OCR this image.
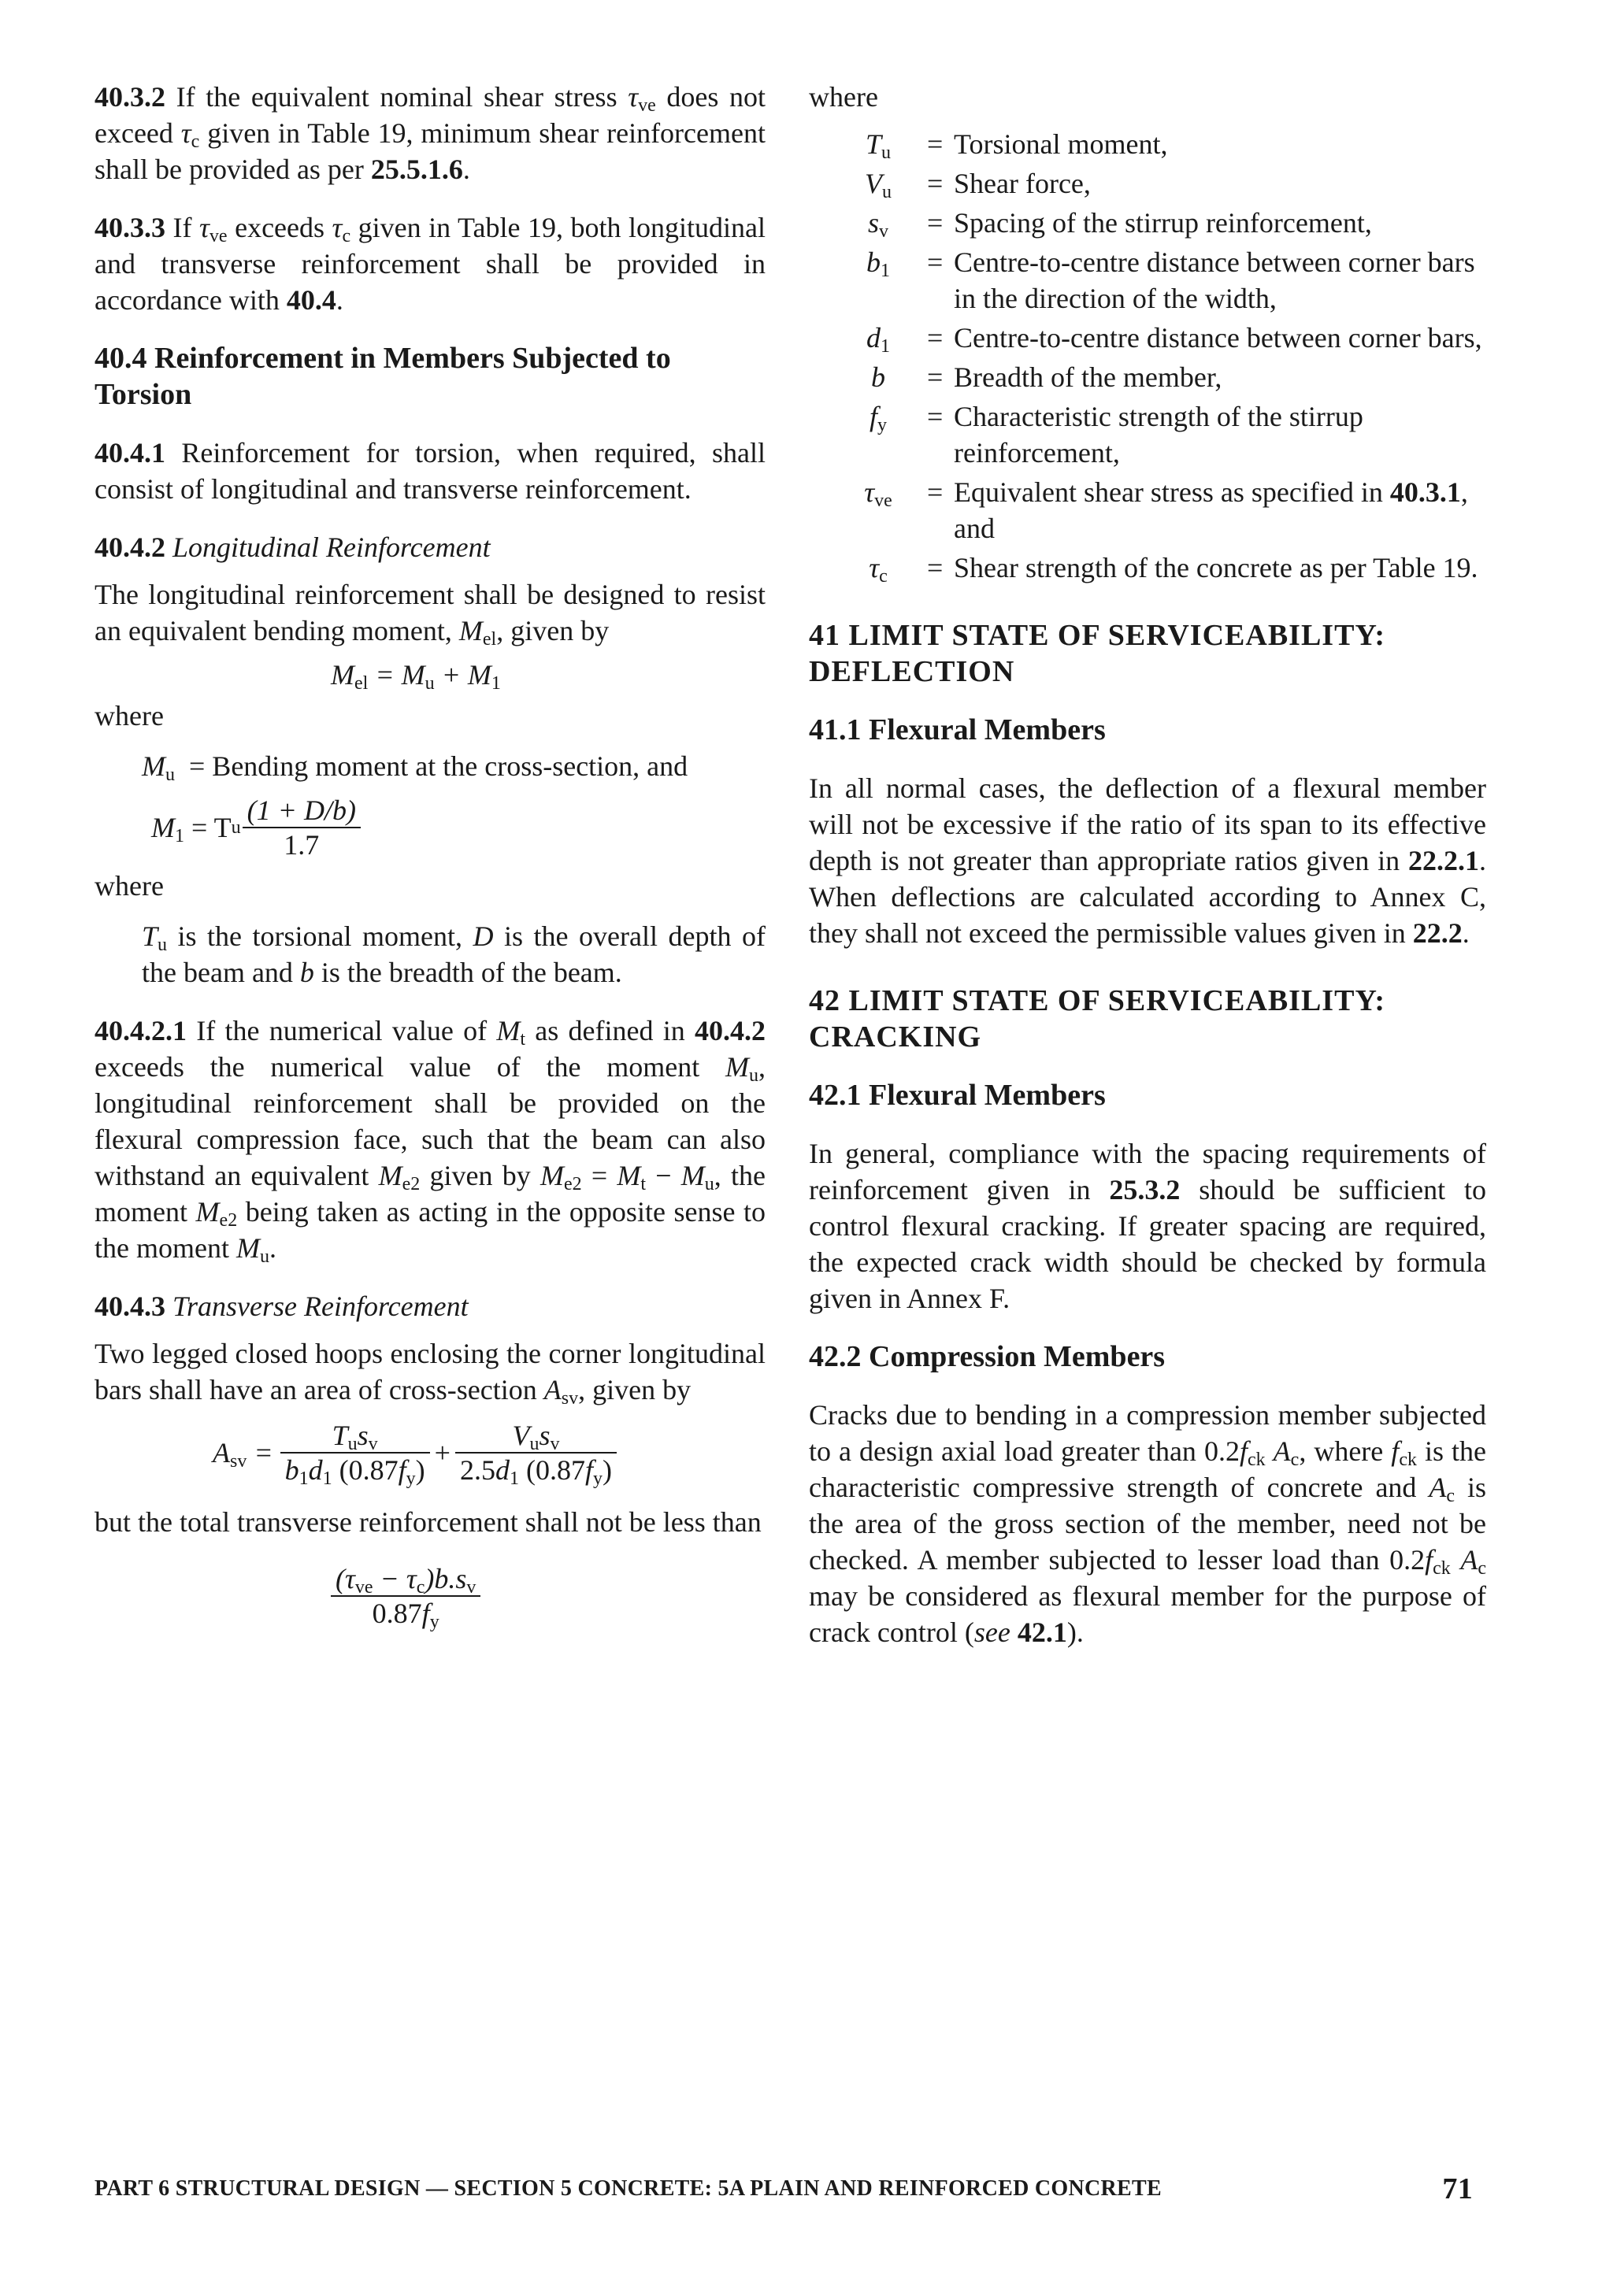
40.3.2 If the equivalent nominal shear stress $\tau_{ve}$ does not exceed $\tau_c$ given in Table 19, minimum shear reinforcement shall be provided as per 25.5.1.6.

40.3.3 If $\tau_{ve}$ exceeds $\tau_c$ given in Table 19, both longitudinal and transverse reinforcement shall be provided in accordance with 40.4.

40.4 Reinforcement in Members Subjected to Torsion

40.4.1 Reinforcement for torsion, when required, shall consist of longitudinal and transverse reinforcement.

40.4.2 Longitudinal Reinforcement

The longitudinal reinforcement shall be designed to resist an equivalent bending moment, $M_{el}$, given by

$M_{el} = M_u + M_1$

where

$M_u$ = Bending moment at the cross-section, and

$M_1 = T$ u $\frac{(1 + D/b)}{1.7}$

where

$T_u$ is the torsional moment, D is the overall depth of the beam and b is the breadth of the beam.

40.4.2.1 If the numerical value of $M_t$ as defined in 40.4.2 exceeds the numerical value of the moment $M_u$, longitudinal reinforcement shall be provided on the flexural compression face, such that the beam can also withstand an equivalent $M_{e2}$ given by $M_{e2} = M_t - M_u$, the moment $M_{e2}$ being taken as acting in the opposite sense to the moment $M_u$.

40.4.3 Transverse Reinforcement

Two legged closed hoops enclosing the corner longitudinal bars shall have an area of cross-section $A_{sv}$, given by

$A_{sv} = \frac{T_us_v}{b_1d_1 (0.87f_y)} + \frac{V_us_v}{2.5d_1 (0.87f_y)}$

but the total transverse reinforcement shall not be less than

$\frac{(\tau_{ve} - \tau_c)b.s_v}{0.87f_y}$

where

$T_u$ = Torsional moment,
$V_u$ = Shear force,
$s_v$	= Spacing of the stirrup reinforcement,
$b_1$ = Centre-to-centre distance between corner bars in the direction of the width,
$d_1$ = Centre-to-centre distance between corner bars,
b	= Breadth of the member,
$f_y$	= Characteristic strength of the stirrup reinforcement,
$\tau_{ve}$ = Equivalent shear stress as specified in 40.3.1, and
$\tau_c$	= Shear strength of the concrete as per Table 19.

41 LIMIT STATE OF SERVICEABILITY: DEFLECTION

41.1 Flexural Members

In all normal cases, the deflection of a flexural member will not be excessive if the ratio of its span to its effective depth is not greater than appropriate ratios given in 22.2.1. When deflections are calculated according to Annex C, they shall not exceed the permissible values given in 22.2.

42 LIMIT STATE OF SERVICEABILITY: CRACKING

42.1 Flexural Members

In general, compliance with the spacing requirements of reinforcement given in 25.3.2 should be sufficient to control flexural cracking. If greater spacing are required, the expected crack width should be checked by formula given in Annex F.

42.2 Compression Members

Cracks due to bending in a compression member subjected to a design axial load greater than $0.2f_{ck}$ $A_c$, where $f_{ck}$ is the characteristic compressive strength of concrete and $A_c$ is the area of the gross section of the member, need not be checked. A member subjected to lesser load than $0.2f_{ck}$ $A_c$ may be considered as flexural member for the purpose of crack control (see 42.1).

PART 6 STRUCTURAL DESIGN — SECTION 5 CONCRETE: 5A PLAIN AND REINFORCED CONCRETE	71
